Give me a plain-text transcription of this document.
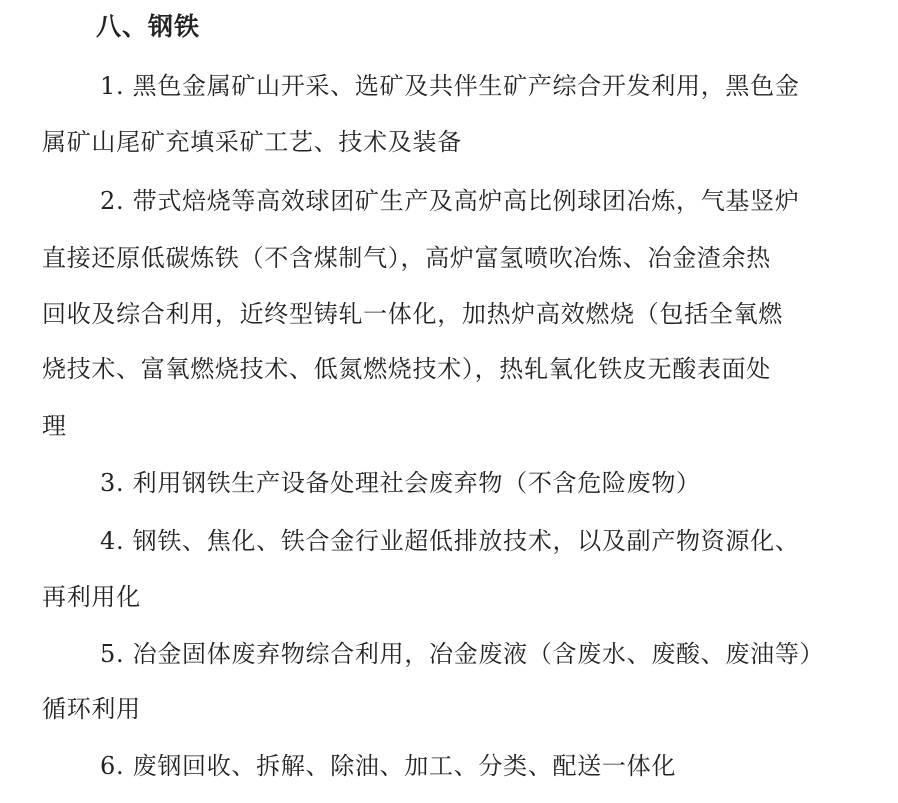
八、钢铁
1. 黑色金属矿山开采、选矿及共伴生矿产综合开发利用，黑色金
属矿山尾矿充填采矿工艺、技术及装备
2. 带式焙烧等高效球团矿生产及高炉高比例球团冶炼，气基竖炉
直接还原低碳炼铁（不含煤制气），高炉富氢喷吹冶炼、冶金渣余热
回收及综合利用，近终型铸轧一体化，加热炉高效燃烧（包括全氧燃
烧技术、富氧燃烧技术、低氮燃烧技术），热轧氧化铁皮无酸表面处
理
3. 利用钢铁生产设备处理社会废弃物（不含危险废物）
4. 钢铁、焦化、铁合金行业超低排放技术，以及副产物资源化、
再利用化
5. 冶金固体废弃物综合利用，冶金废液（含废水、废酸、废油等）
循环利用
6. 废钢回收、拆解、除油、加工、分类、配送一体化
